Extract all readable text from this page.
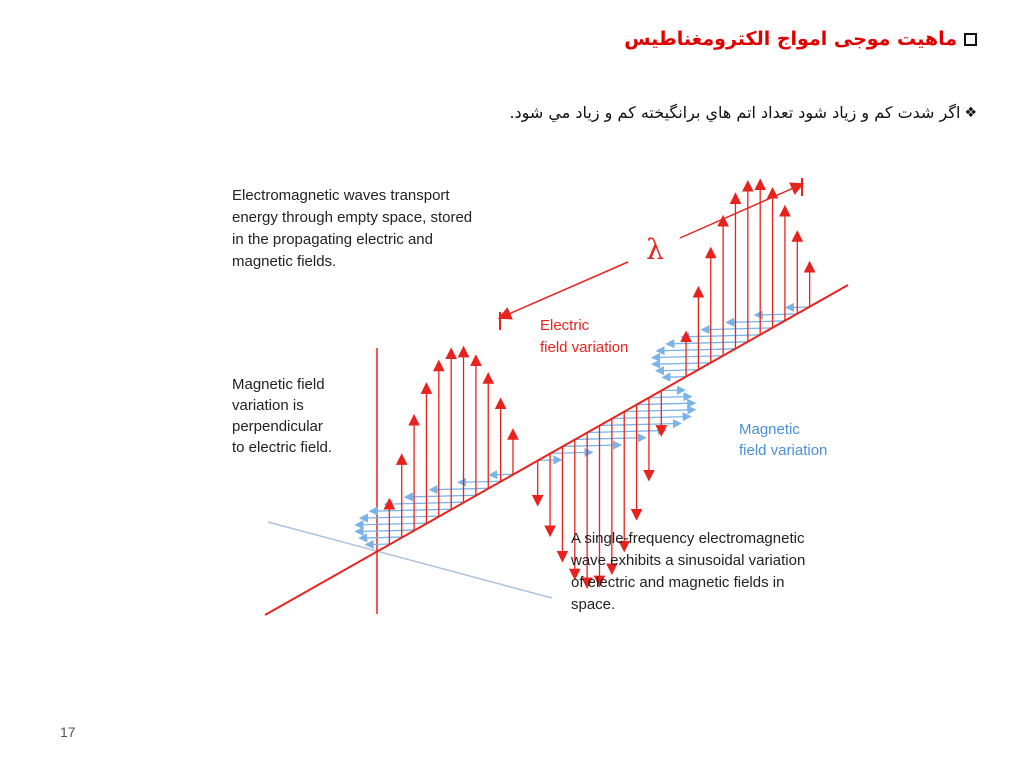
ماهيت موجی امواج الکترومغناطيس
❖
اگر شدت كم و زياد شود تعداد اتم هاي برانگيخته كم و زياد مي شود.
λ
Electromagnetic waves transport energy through empty space, stored in the propagating electric and magnetic fields.
Magnetic field variation is perpendicular to electric field.
A single-frequency electromagnetic wave exhibits a sinusoidal variation of electric and magnetic fields in space.
Electric field variation
Magnetic field variation
17
